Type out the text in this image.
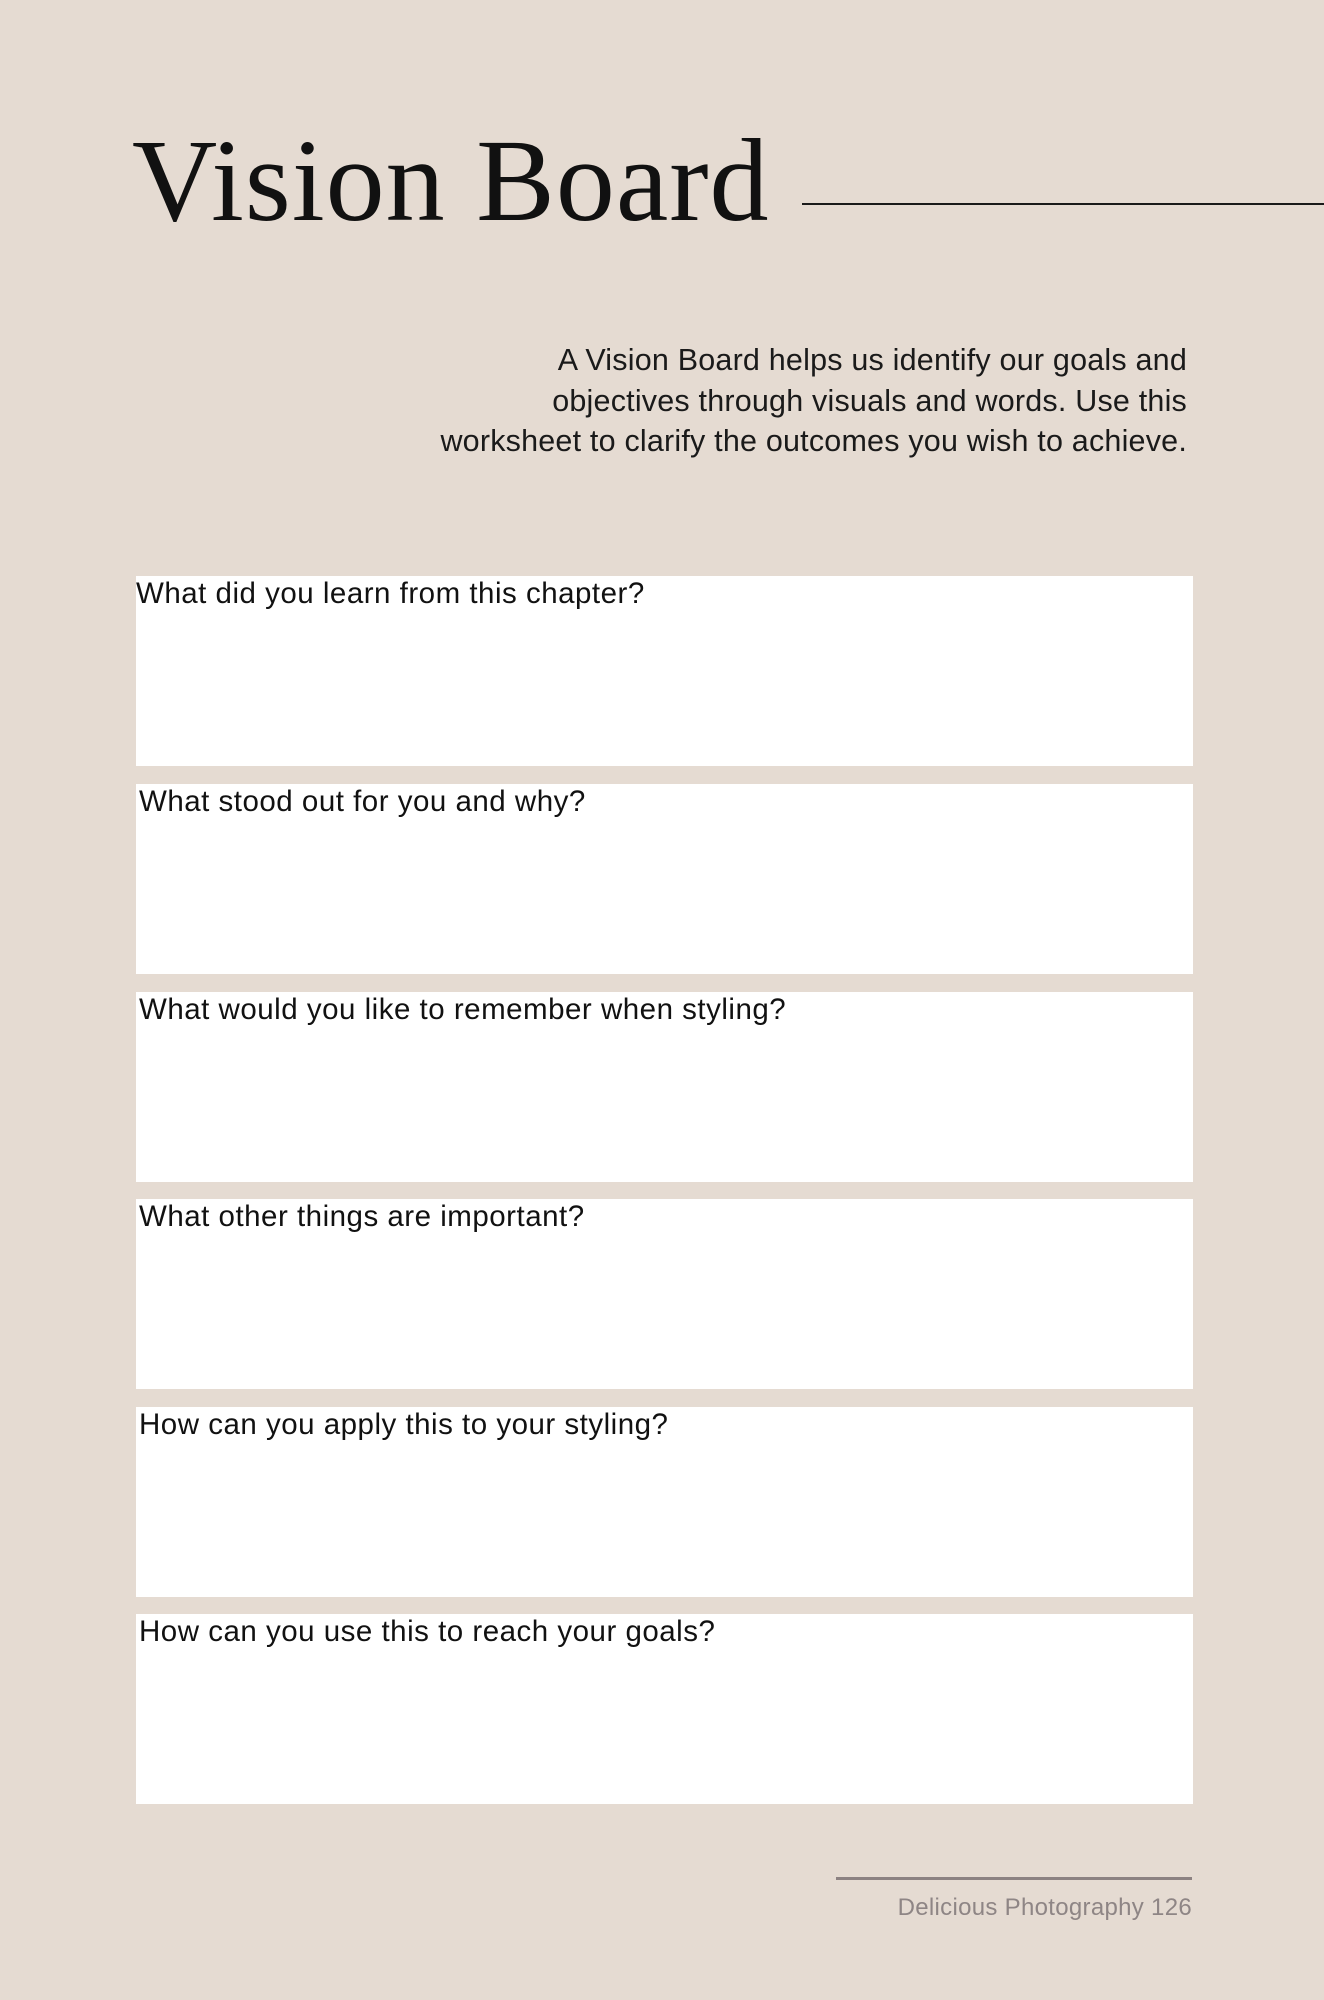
Vision Board
A Vision Board helps us identify our goals and objectives through visuals and words. Use this worksheet to clarify the outcomes you wish to achieve.
What did you learn from this chapter?
What stood out for you and why?
What would you like to remember when styling?
What other things are important?
How can you apply this to your styling?
How can you use this to reach your goals?
Delicious Photography 126
